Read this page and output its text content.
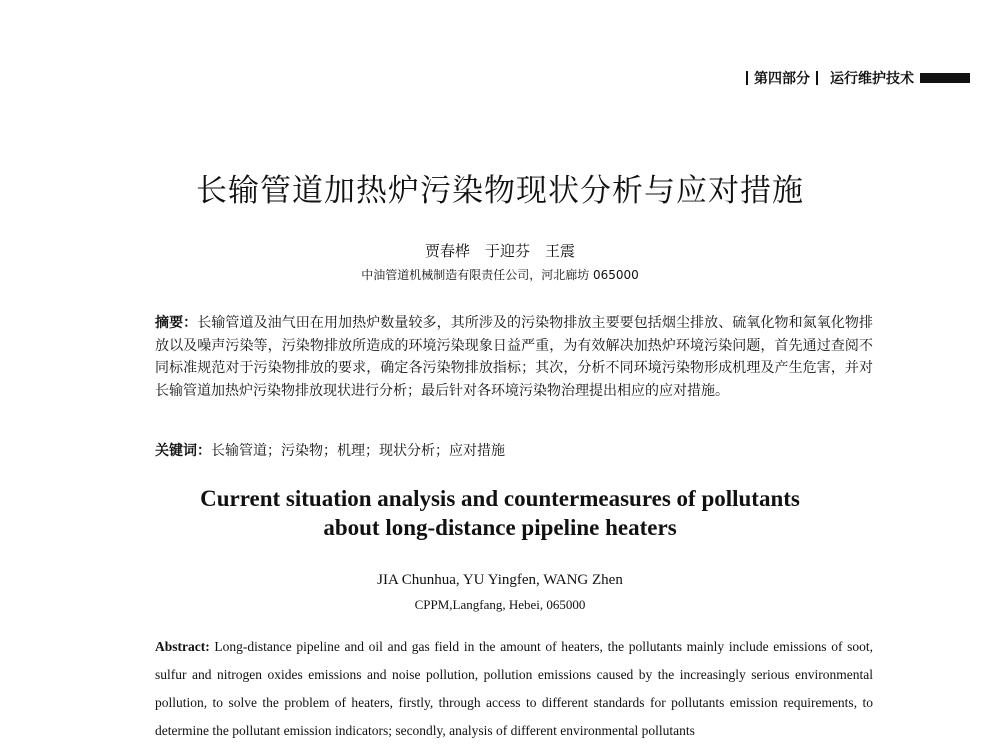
第四部分 运行维护技术
长输管道加热炉污染物现状分析与应对措施
贾春桦　于迎芬　王震
中油管道机械制造有限责任公司，河北廊坊 065000
摘要：长输管道及油气田在用加热炉数量较多，其所涉及的污染物排放主要要包括烟尘排放、硫氧化物和氮氧化物排放以及噪声污染等，污染物排放所造成的环境污染现象日益严重，为有效解决加热炉环境污染问题，首先通过查阅不同标准规范对于污染物排放的要求，确定各污染物排放指标；其次，分析不同环境污染物形成机理及产生危害，并对长输管道加热炉污染物排放现状进行分析；最后针对各环境污染物治理提出相应的应对措施。
关键词：长输管道；污染物；机理；现状分析；应对措施
Current situation analysis and countermeasures of pollutants
about long-distance pipeline heaters
JIA Chunhua, YU Yingfen, WANG Zhen
CPPM,Langfang, Hebei, 065000
Abstract: Long-distance pipeline and oil and gas field in the amount of heaters, the pollutants mainly include emissions of soot, sulfur and nitrogen oxides emissions and noise pollution, pollution emissions caused by the increasingly serious environmental pollution, to solve the problem of heaters, firstly, through access to different standards for pollutants emission requirements, to determine the pollutant emission indicators; secondly, analysis of different environmental pollutants
